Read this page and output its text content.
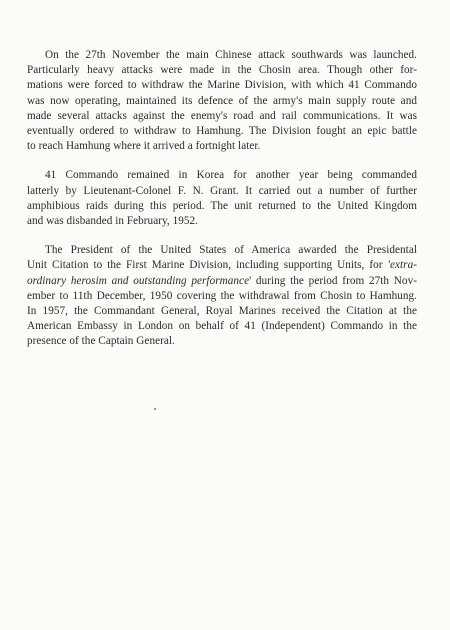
On the 27th November the main Chinese attack southwards was launched.
Particularly heavy attacks were made in the Chosin area. Though other for-
mations were forced to withdraw the Marine Division, with which 41 Commando
was now operating, maintained its defence of the army's main supply route and
made several attacks against the enemy's road and rail communications. It was
eventually ordered to withdraw to Hamhung. The Division fought an epic battle
to reach Hamhung where it arrived a fortnight later.

41 Commando remained in Korea for another year being commanded
latterly by Lieutenant-Colonel F. N. Grant. It carried out a number of further
amphibious raids during this period. The unit returned to the United Kingdom
and was disbanded in February, 1952.

The President of the United States of America awarded the Presidental
Unit Citation to the First Marine Division, including supporting Units, for 'extra-
ordinary herosim and outstanding performance' during the period from 27th Nov-
ember to 11th December, 1950 covering the withdrawal from Chosin to Hamhung.
In 1957, the Commandant General, Royal Marines received the Citation at the
American Embassy in London on behalf of 41 (Independent) Commando in the
presence of the Captain General.
